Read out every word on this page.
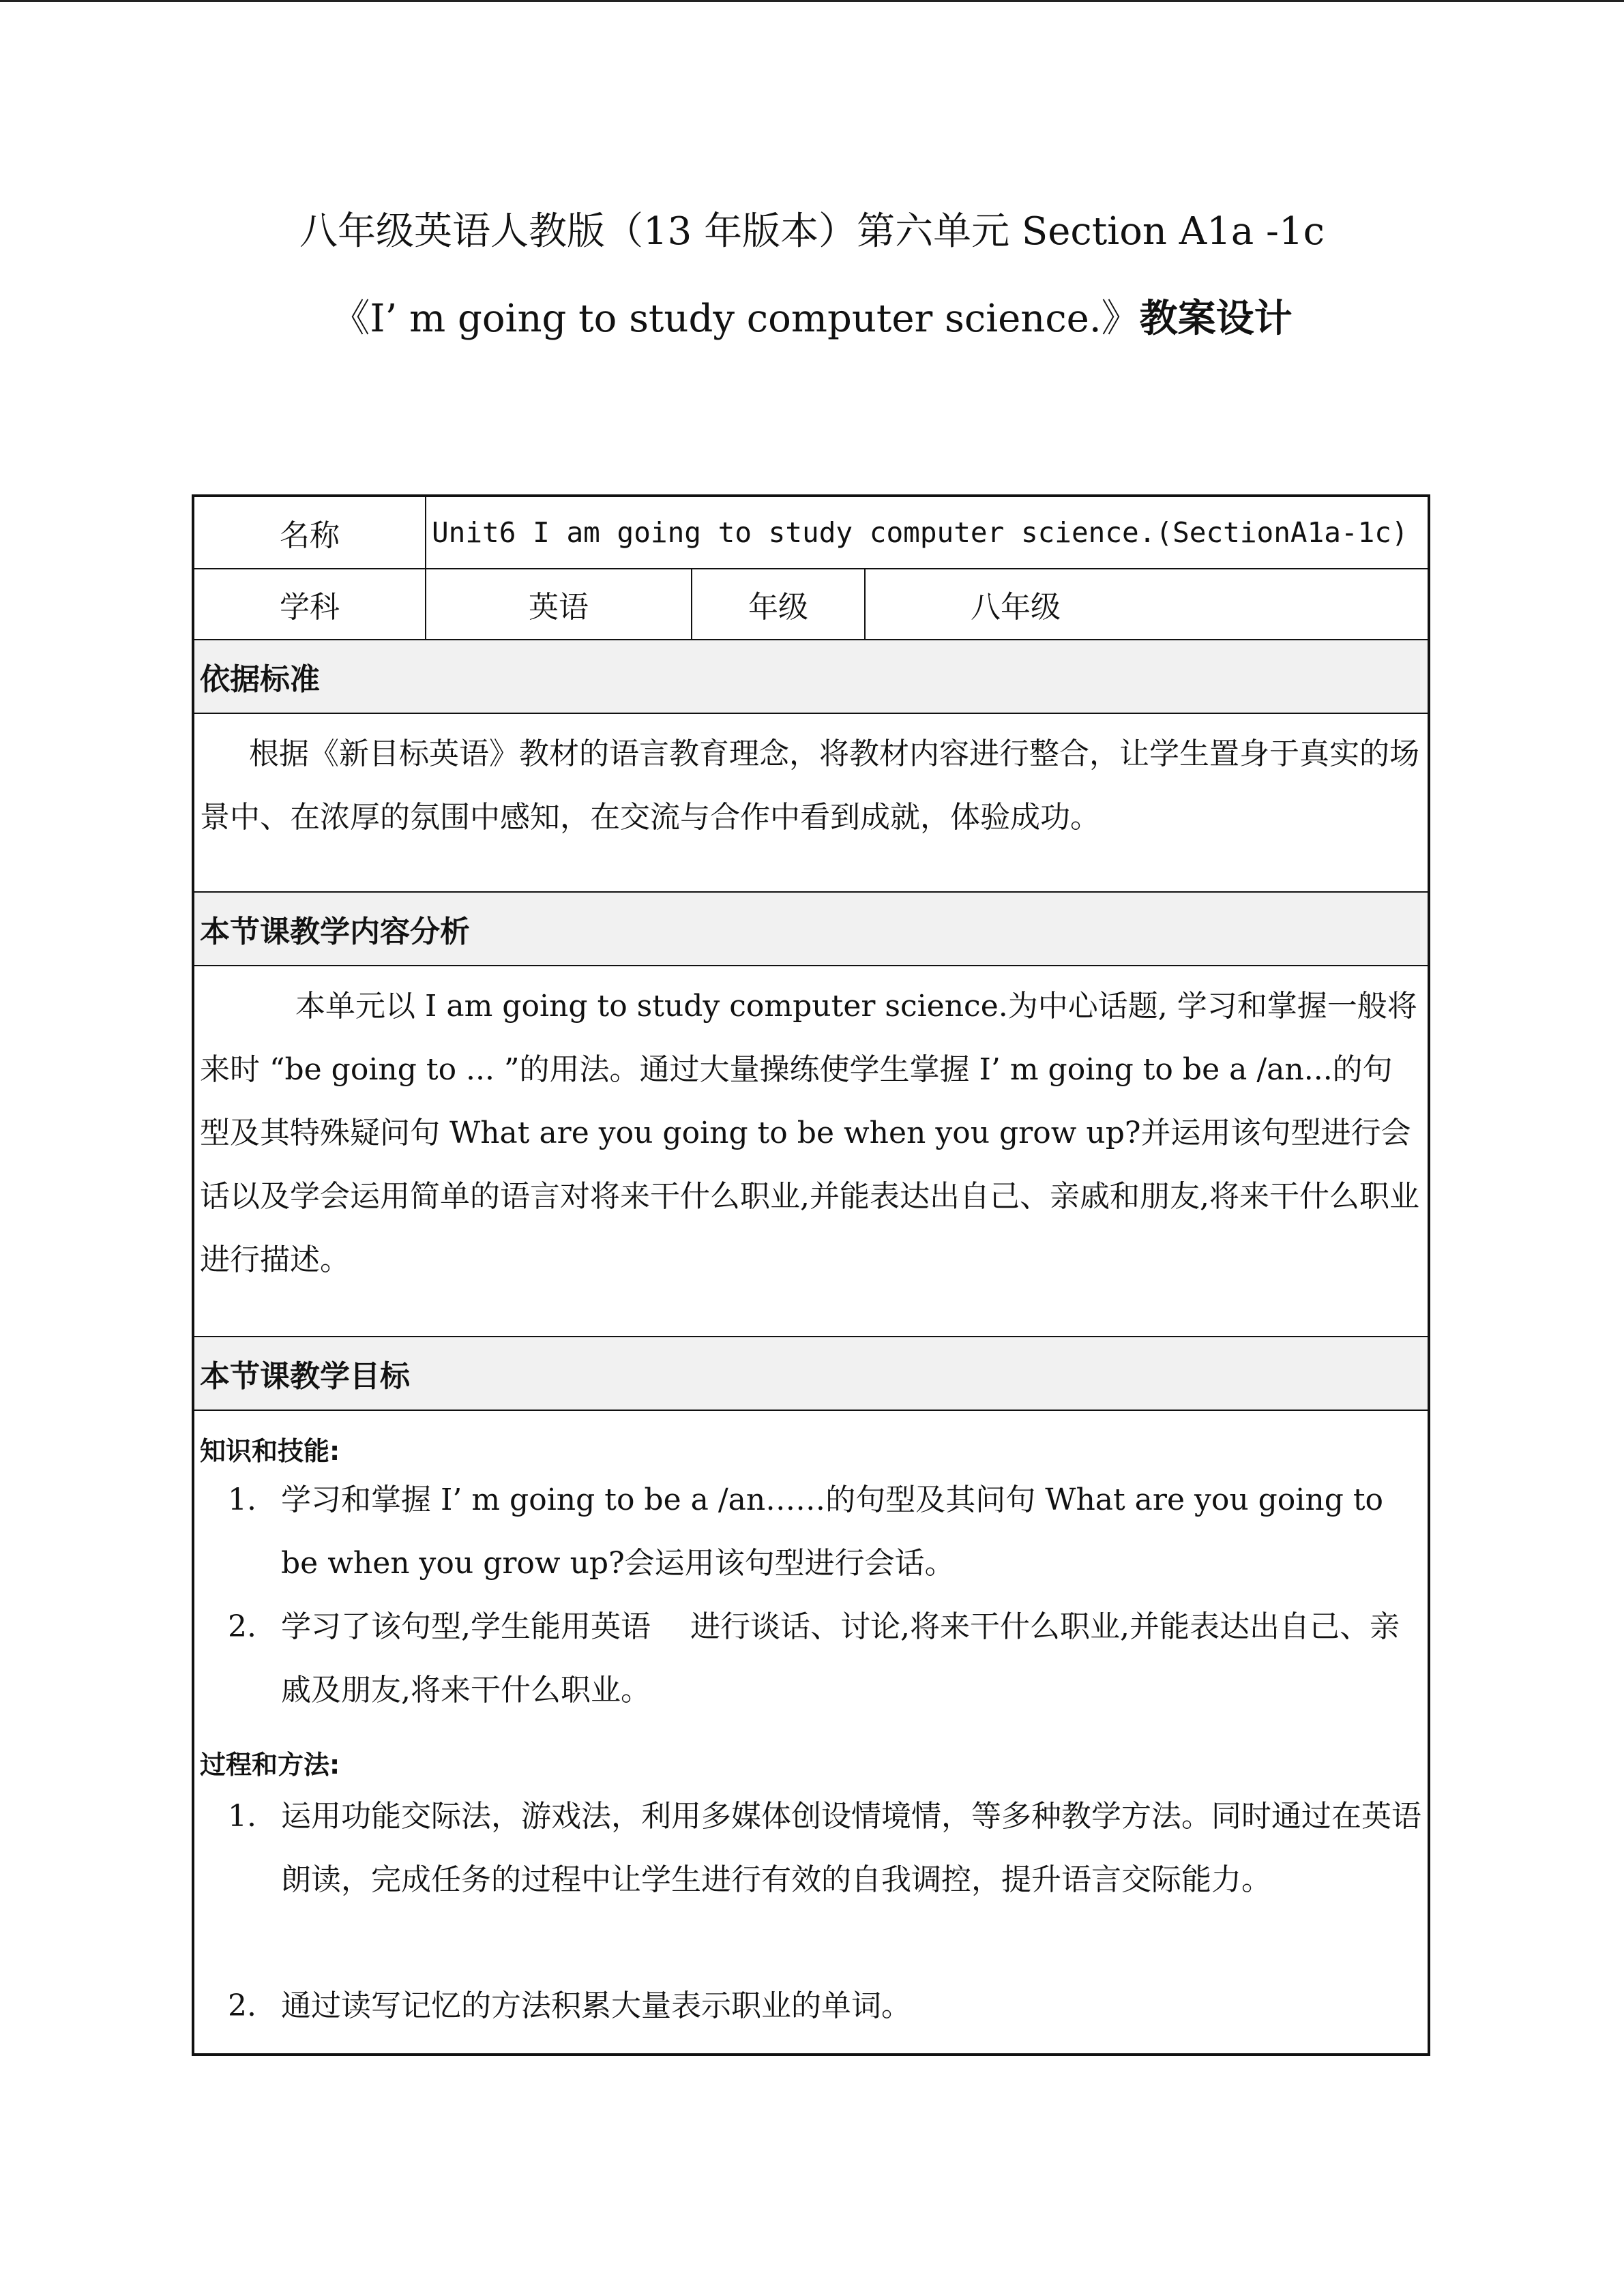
八年级英语人教版（13 年版本）第六单元 Section A1a -1c
《I’ m going to study computer science.》教案设计
名称	Unit6 I am going to study computer science.(SectionA1a-1c)
学科	英语	年级	八年级
依据标准
根据《新目标英语》教材的语言教育理念，将教材内容进行整合，让学生置身于真实的场景中、在浓厚的氛围中感知，在交流与合作中看到成就，体验成功。
本节课教学内容分析
本单元以 I am going to study computer science.为中心话题, 学习和掌握一般将来时 “be going to ... ”的用法。通过大量操练使学生掌握 I’ m going to be a /an...的句型及其特殊疑问句 What are you going to be when you grow up?并运用该句型进行会话以及学会运用简单的语言对将来干什么职业,并能表达出自己、亲戚和朋友,将来干什么职业进行描述。
本节课教学目标
知识和技能:
1. 学习和掌握 I’ m going to be a /an……的句型及其问句 What are you going to be when you grow up?会运用该句型进行会话。
2. 学习了该句型,学生能用英语　 进行谈话、讨论,将来干什么职业,并能表达出自己、亲戚及朋友,将来干什么职业。
过程和方法:
1. 运用功能交际法，游戏法，利用多媒体创设情境情，等多种教学方法。同时通过在英语朗读，完成任务的过程中让学生进行有效的自我调控，提升语言交际能力。
2. 通过读写记忆的方法积累大量表示职业的单词。
